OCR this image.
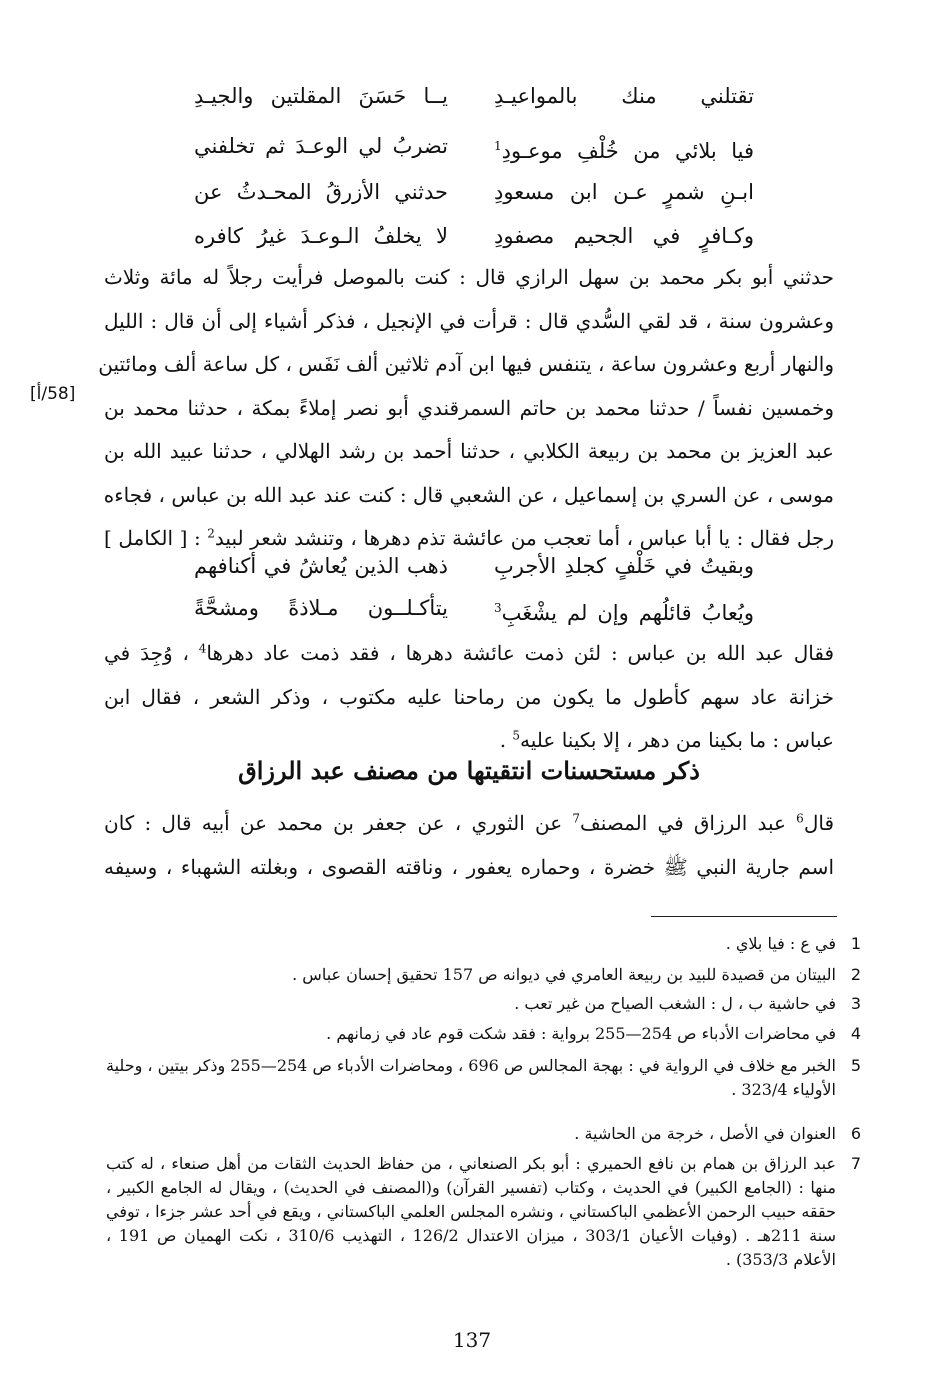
يــا حَسَنَ المقلتين والجيـدِ تقتلني منك بالمواعيـدِ
تضربُ لي الوعـدَ ثم تخلفني	فيا بلائي من خُلْفِ موعـودِ$^1$
حدثني الأزرقُ المحـدثُ عن ابـنِ شمرٍ عـن ابن مسعودِ
لا يخلفُ الـوعـدَ غيرُ كافره وكـافرٍ في الجحيم مصفودِ
حدثني أبو بكر محمد بن سهل الرازي قال : كنت بالموصل فرأيت رجلاً له مائة وثلاث
وعشرون سنة ، قد لقي السُّدي قال : قرأت في الإنجيل ، فذكر أشياء إلى أن قال : الليل
والنهار أربع وعشرون ساعة ، يتنفس فيها ابن آدم ثلاثين ألف نَفَس ، كل ساعة ألف ومائتين
وخمسين نفساً / حدثنا محمد بن حاتم السمرقندي أبو نصر إملاءً بمكة ، حدثنا محمد بن
عبد العزيز بن محمد بن ربيعة الكلابي ، حدثنا أحمد بن رشد الهلالي ، حدثنا عبيد الله بن
موسى ، عن السري بن إسماعيل ، عن الشعبي قال : كنت عند عبد الله بن عباس ، فجاءه
رجل فقال : يا أبا عباس ، أما تعجب من عائشة تذم دهرها ، وتنشد شعر لبيد$^2$ : [ الكامل ]
[58/أ]
ذهب الذين يُعاشُ في أكنافهم وبقيتُ في خَلْفٍ كجلدِ الأجربِ
يتأكـلــون مـلاذةً ومشحَّةً	ويُعابُ قائلُهم وإن لم يشْغَبِ$^3$
فقال عبد الله بن عباس : لئن ذمت عائشة دهرها ، فقد ذمت عاد دهرها$^4$ ، وُجِدَ في
خزانة عاد سهم كأطول ما يكون من رماحنا عليه مكتوب ، وذكر الشعر ، فقال ابن
عباس : ما بكينا من دهر ، إلا بكينا عليه$^5$ .
ذكر مستحسنات انتقيتها من مصنف عبد الرزاق
قال$^6$ عبد الرزاق في المصنف$^7$ عن الثوري ، عن جعفر بن محمد عن أبيه قال : كان
اسم جارية النبي ﷺ خضرة ، وحماره يعفور ، وناقته القصوى ، وبغلته الشهباء ، وسيفه
1
في ع : فيا بلاي .
2
البيتان من قصيدة للبيد بن ربيعة العامري في ديوانه ص 157 تحقيق إحسان عباس .
3
في حاشية ب ، ل : الشغب الصياح من غير تعب .
4
في محاضرات الأدباء ص 254—255 برواية : فقد شكت قوم عاد في زمانهم .
5
الخبر مع خلاف في الرواية في : بهجة المجالس ص 696 ، ومحاضرات الأدباء ص 254—255 وذكر بيتين ، وحلية الأولياء 323/4 .
6
العنوان في الأصل ، خرجة من الحاشية .
7
عبد الرزاق بن همام بن نافع الحميري : أبو بكر الصنعاني ، من حفاظ الحديث الثقات من أهل صنعاء ، له كتب منها : (الجامع الكبير) في الحديث ، وكتاب (تفسير القرآن) و(المصنف في الحديث) ، ويقال له الجامع الكبير ، حققه حبيب الرحمن الأعظمي الباكستاني ، ونشره المجلس العلمي الباكستاني ، ويقع في أحد عشر جزءا ، توفي سنة 211هـ . (وفيات الأعيان 303/1 ، ميزان الاعتدال 126/2 ، التهذيب 310/6 ، نكت الهميان ص 191 ، الأعلام 353/3) .
137
